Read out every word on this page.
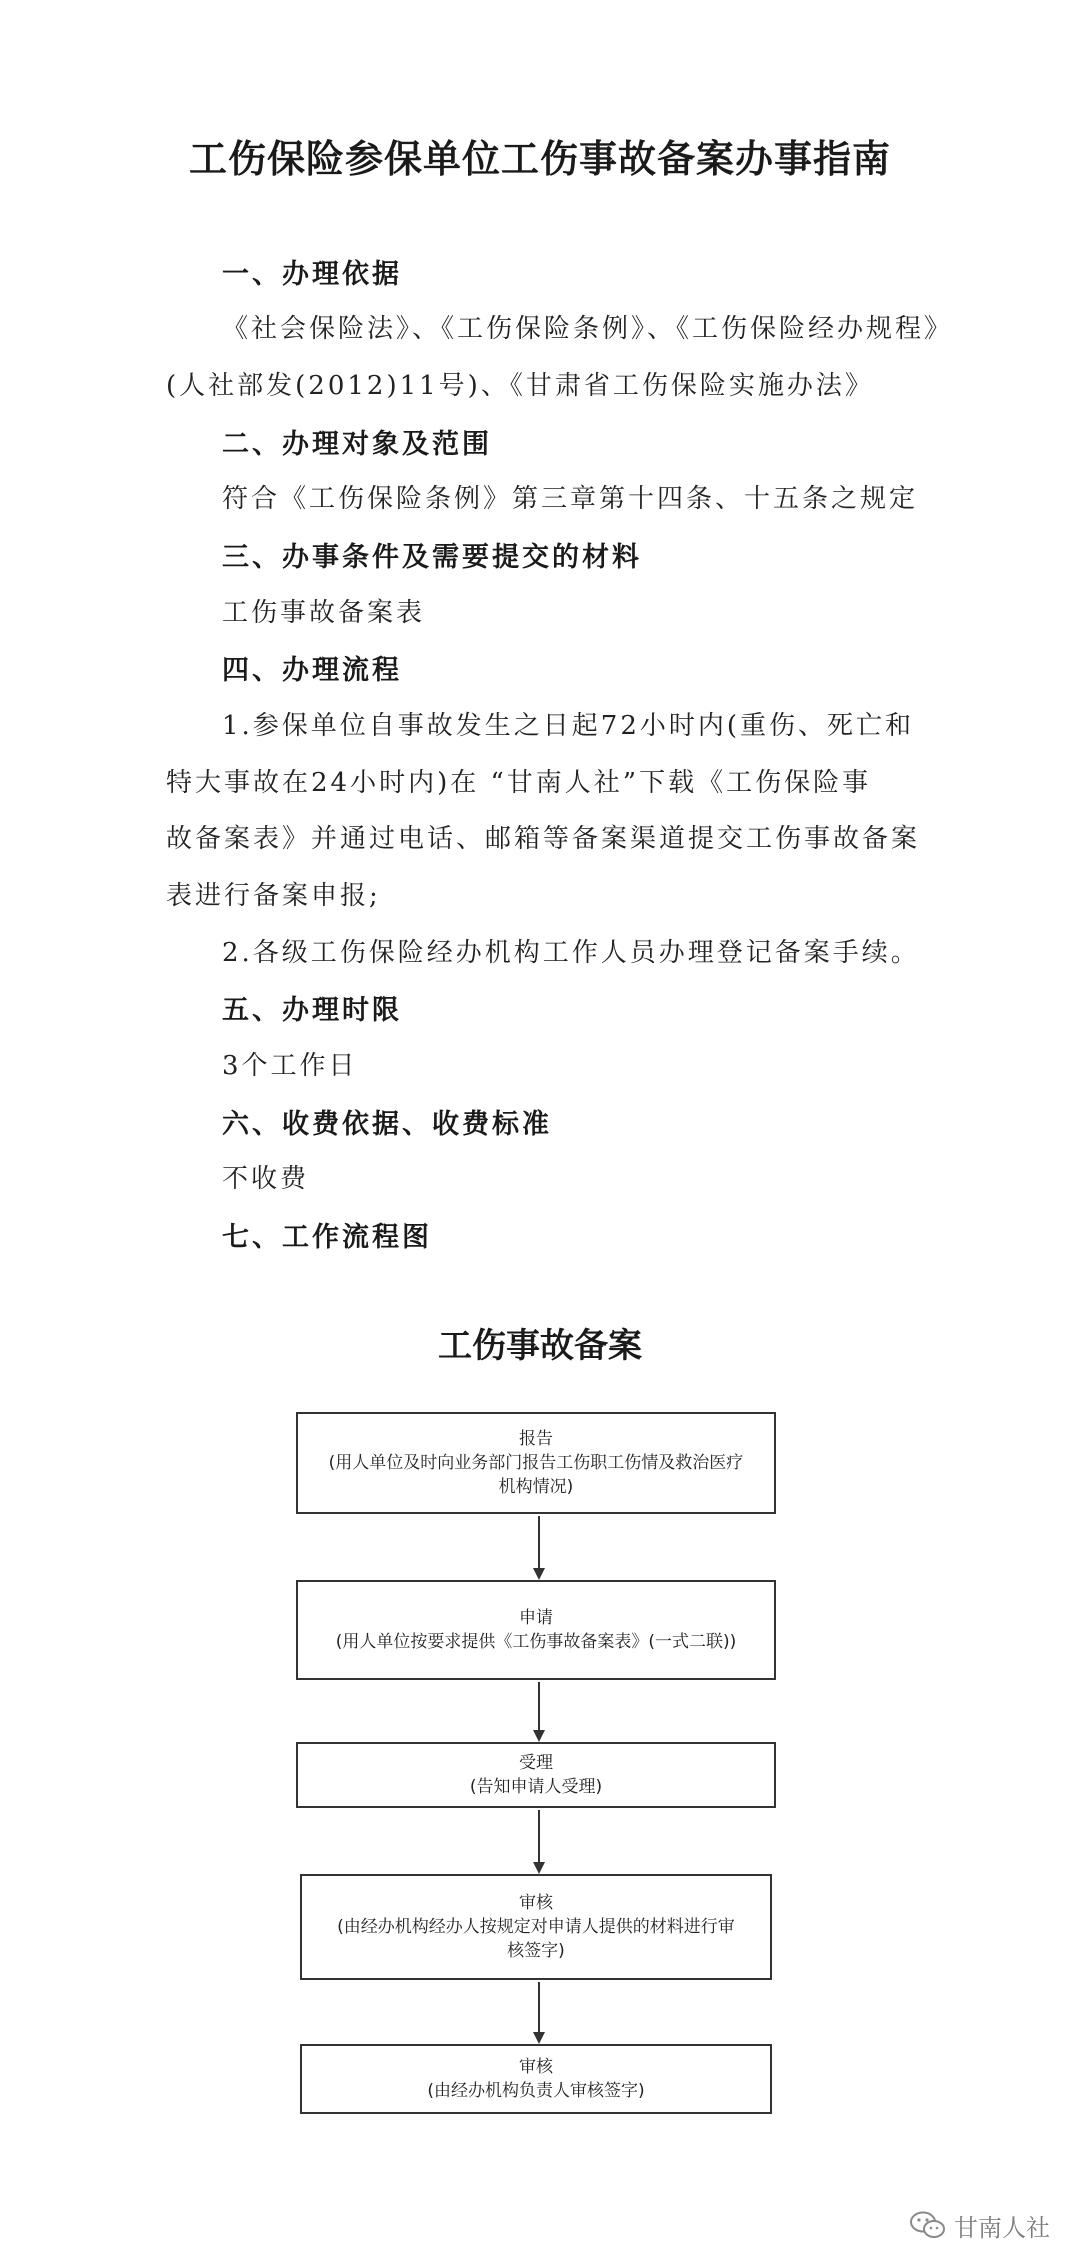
工伤保险参保单位工伤事故备案办事指南
一、办理依据
《社会保险法》、《工伤保险条例》、《工伤保险经办规程》
(人社部发(2012)11号)、《甘肃省工伤保险实施办法》
二、办理对象及范围
符合《工伤保险条例》第三章第十四条、十五条之规定
三、办事条件及需要提交的材料
工伤事故备案表
四、办理流程
1.参保单位自事故发生之日起72小时内(重伤、死亡和
特大事故在24小时内)在 “甘南人社”下载《工伤保险事
故备案表》并通过电话、邮箱等备案渠道提交工伤事故备案
表进行备案申报;
2.各级工伤保险经办机构工作人员办理登记备案手续。
五、办理时限
3个工作日
六、收费依据、收费标准
不收费
七、工作流程图
工伤事故备案
报告
(用人单位及时向业务部门报告工伤职工伤情及救治医疗
机构情况)
申请
(用人单位按要求提供《工伤事故备案表》(一式二联))
受理
(告知申请人受理)
审核
(由经办机构经办人按规定对申请人提供的材料进行审
核签字)
审核
(由经办机构负责人审核签字)
甘南人社
